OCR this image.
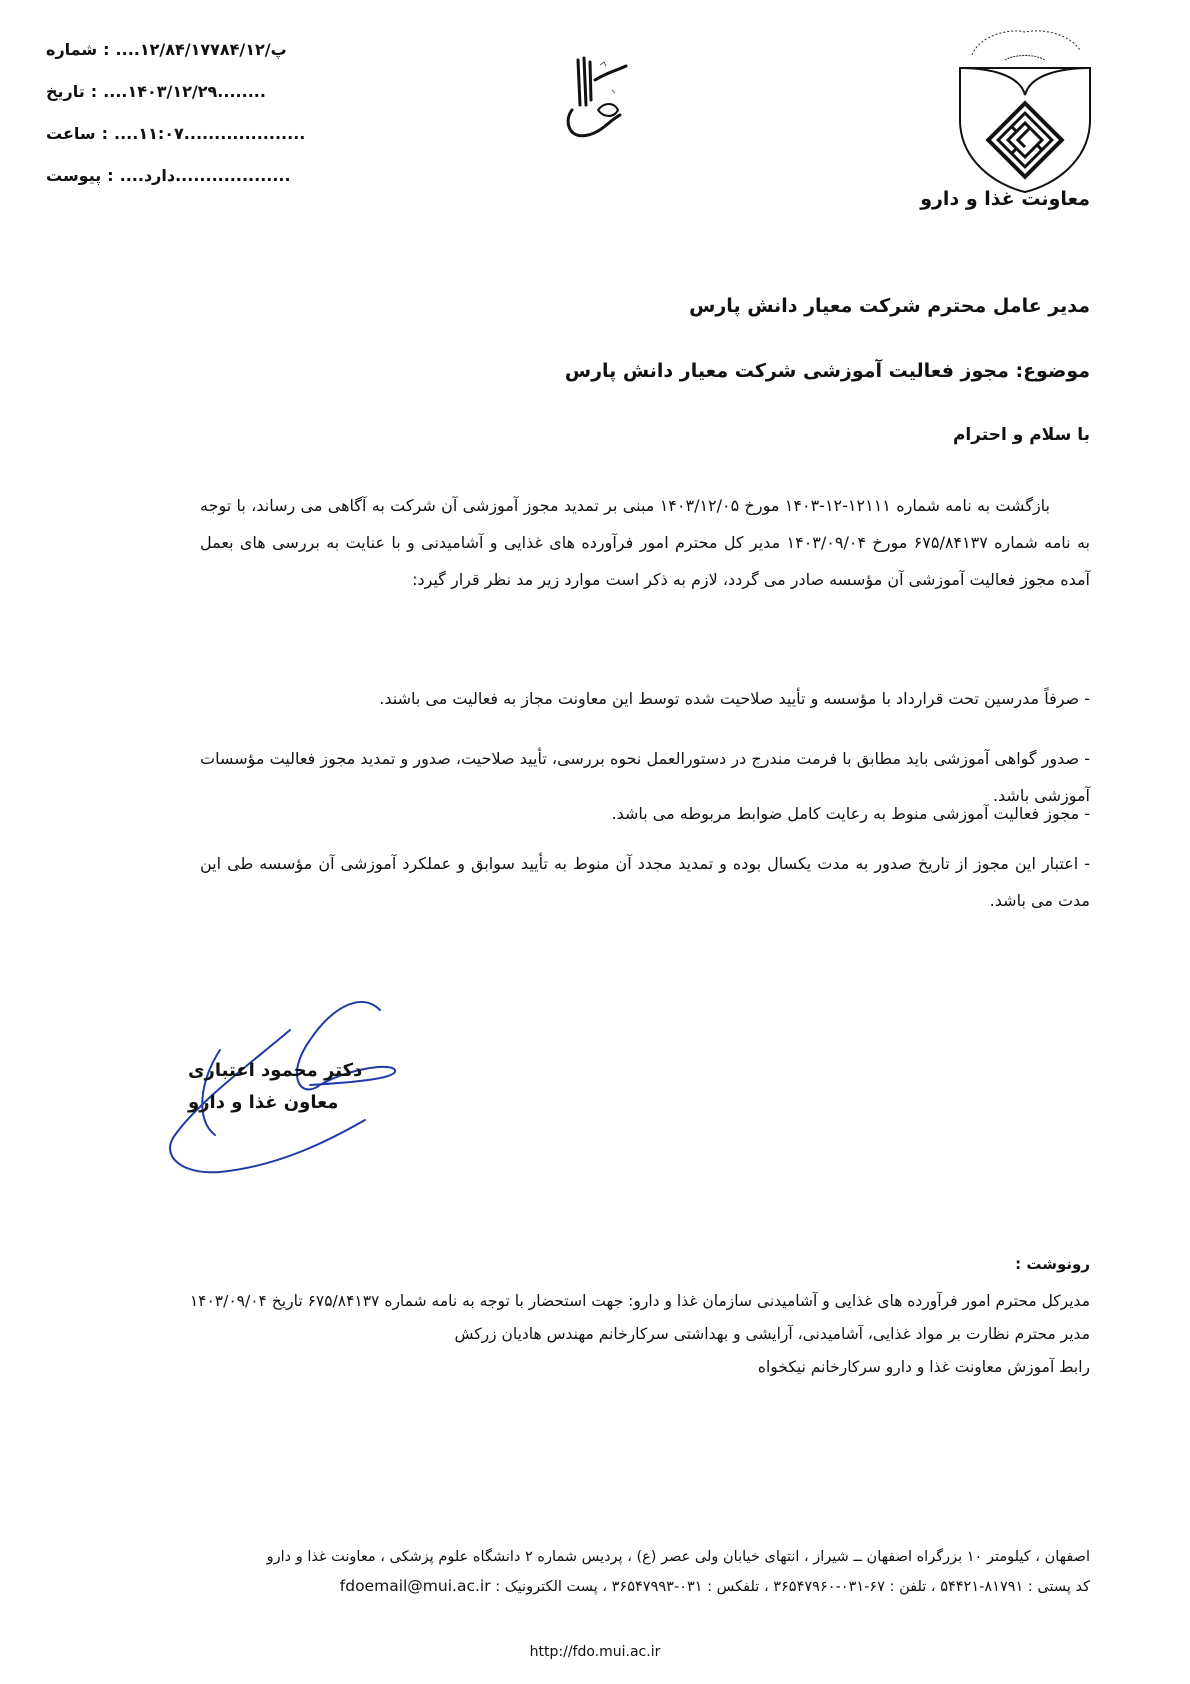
شماره : ....۱۲/۸۴/۱۷۷۸۴/۱۲/پ
تاریخ : ....۱۴۰۳/۱۲/۲۹........
ساعت : ....۱۱:۰۷....................
پیوست : ....دارد...................
معاونت غذا و دارو
مدیر عامل محترم شرکت معیار دانش پارس
موضوع: مجوز فعالیت آموزشی شرکت معیار دانش پارس
با سلام و احترام

بازگشت به نامه شماره ۱۲۱۱۱-۱۲-۱۴۰۳ مورخ ۱۴۰۳/۱۲/۰۵ مبنی بر تمدید مجوز آموزشی آن شرکت به آگاهی می رساند، با توجه به نامه شماره ۶۷۵/۸۴۱۳۷ مورخ ۱۴۰۳/۰۹/۰۴ مدیر کل محترم امور فرآورده های غذایی و آشامیدنی و با عنایت به بررسی های بعمل آمده مجوز فعالیت آموزشی آن مؤسسه صادر می گردد، لازم به ذکر است موارد زیر مد نظر قرار گیرد:

- صرفاً مدرسین تحت قرارداد با مؤسسه و تأیید صلاحیت شده توسط این معاونت مجاز به فعالیت می باشند.

- صدور گواهی آموزشی باید مطابق با فرمت مندرج در دستورالعمل نحوه بررسی، تأیید صلاحیت، صدور و تمدید مجوز فعالیت مؤسسات آموزشی باشد.

- مجوز فعالیت آموزشی منوط به رعایت کامل ضوابط مربوطه می باشد.

- اعتبار این مجوز از تاریخ صدور به مدت یکسال بوده و تمدید مجدد آن منوط به تأیید سوابق و عملکرد آموزشی آن مؤسسه طی این مدت می باشد.

دکتر محمود اعتباری
معاون غذا و دارو
رونوشت :

مدیرکل محترم امور فرآورده های غذایی و آشامیدنی سازمان غذا و دارو: جهت استحضار با توجه به نامه شماره ۶۷۵/۸۴۱۳۷ تاریخ ۱۴۰۳/۰۹/۰۴

مدیر محترم نظارت بر مواد غذایی، آشامیدنی، آرایشی و بهداشتی سرکارخانم مهندس هادیان زرکش

رابط آموزش معاونت غذا و دارو سرکارخانم نیکخواه

اصفهان ، کیلومتر ۱۰ بزرگراه اصفهان ــ شیراز ، انتهای خیابان ولی عصر (ع) ، پردیس شماره ۲ دانشگاه علوم پزشکی ، معاونت غذا و دارو
کد پستی : ۸۱۷۹۱-۵۴۴۲۱ ، تلفن : ۶۷-۰۳۱-۳۶۵۴۷۹۶۰ ، تلفکس : ۰۳۱-۳۶۵۴۷۹۹۳ ، پست الکترونیک : fdoemail@mui.ac.ir
http://fdo.mui.ac.ir
